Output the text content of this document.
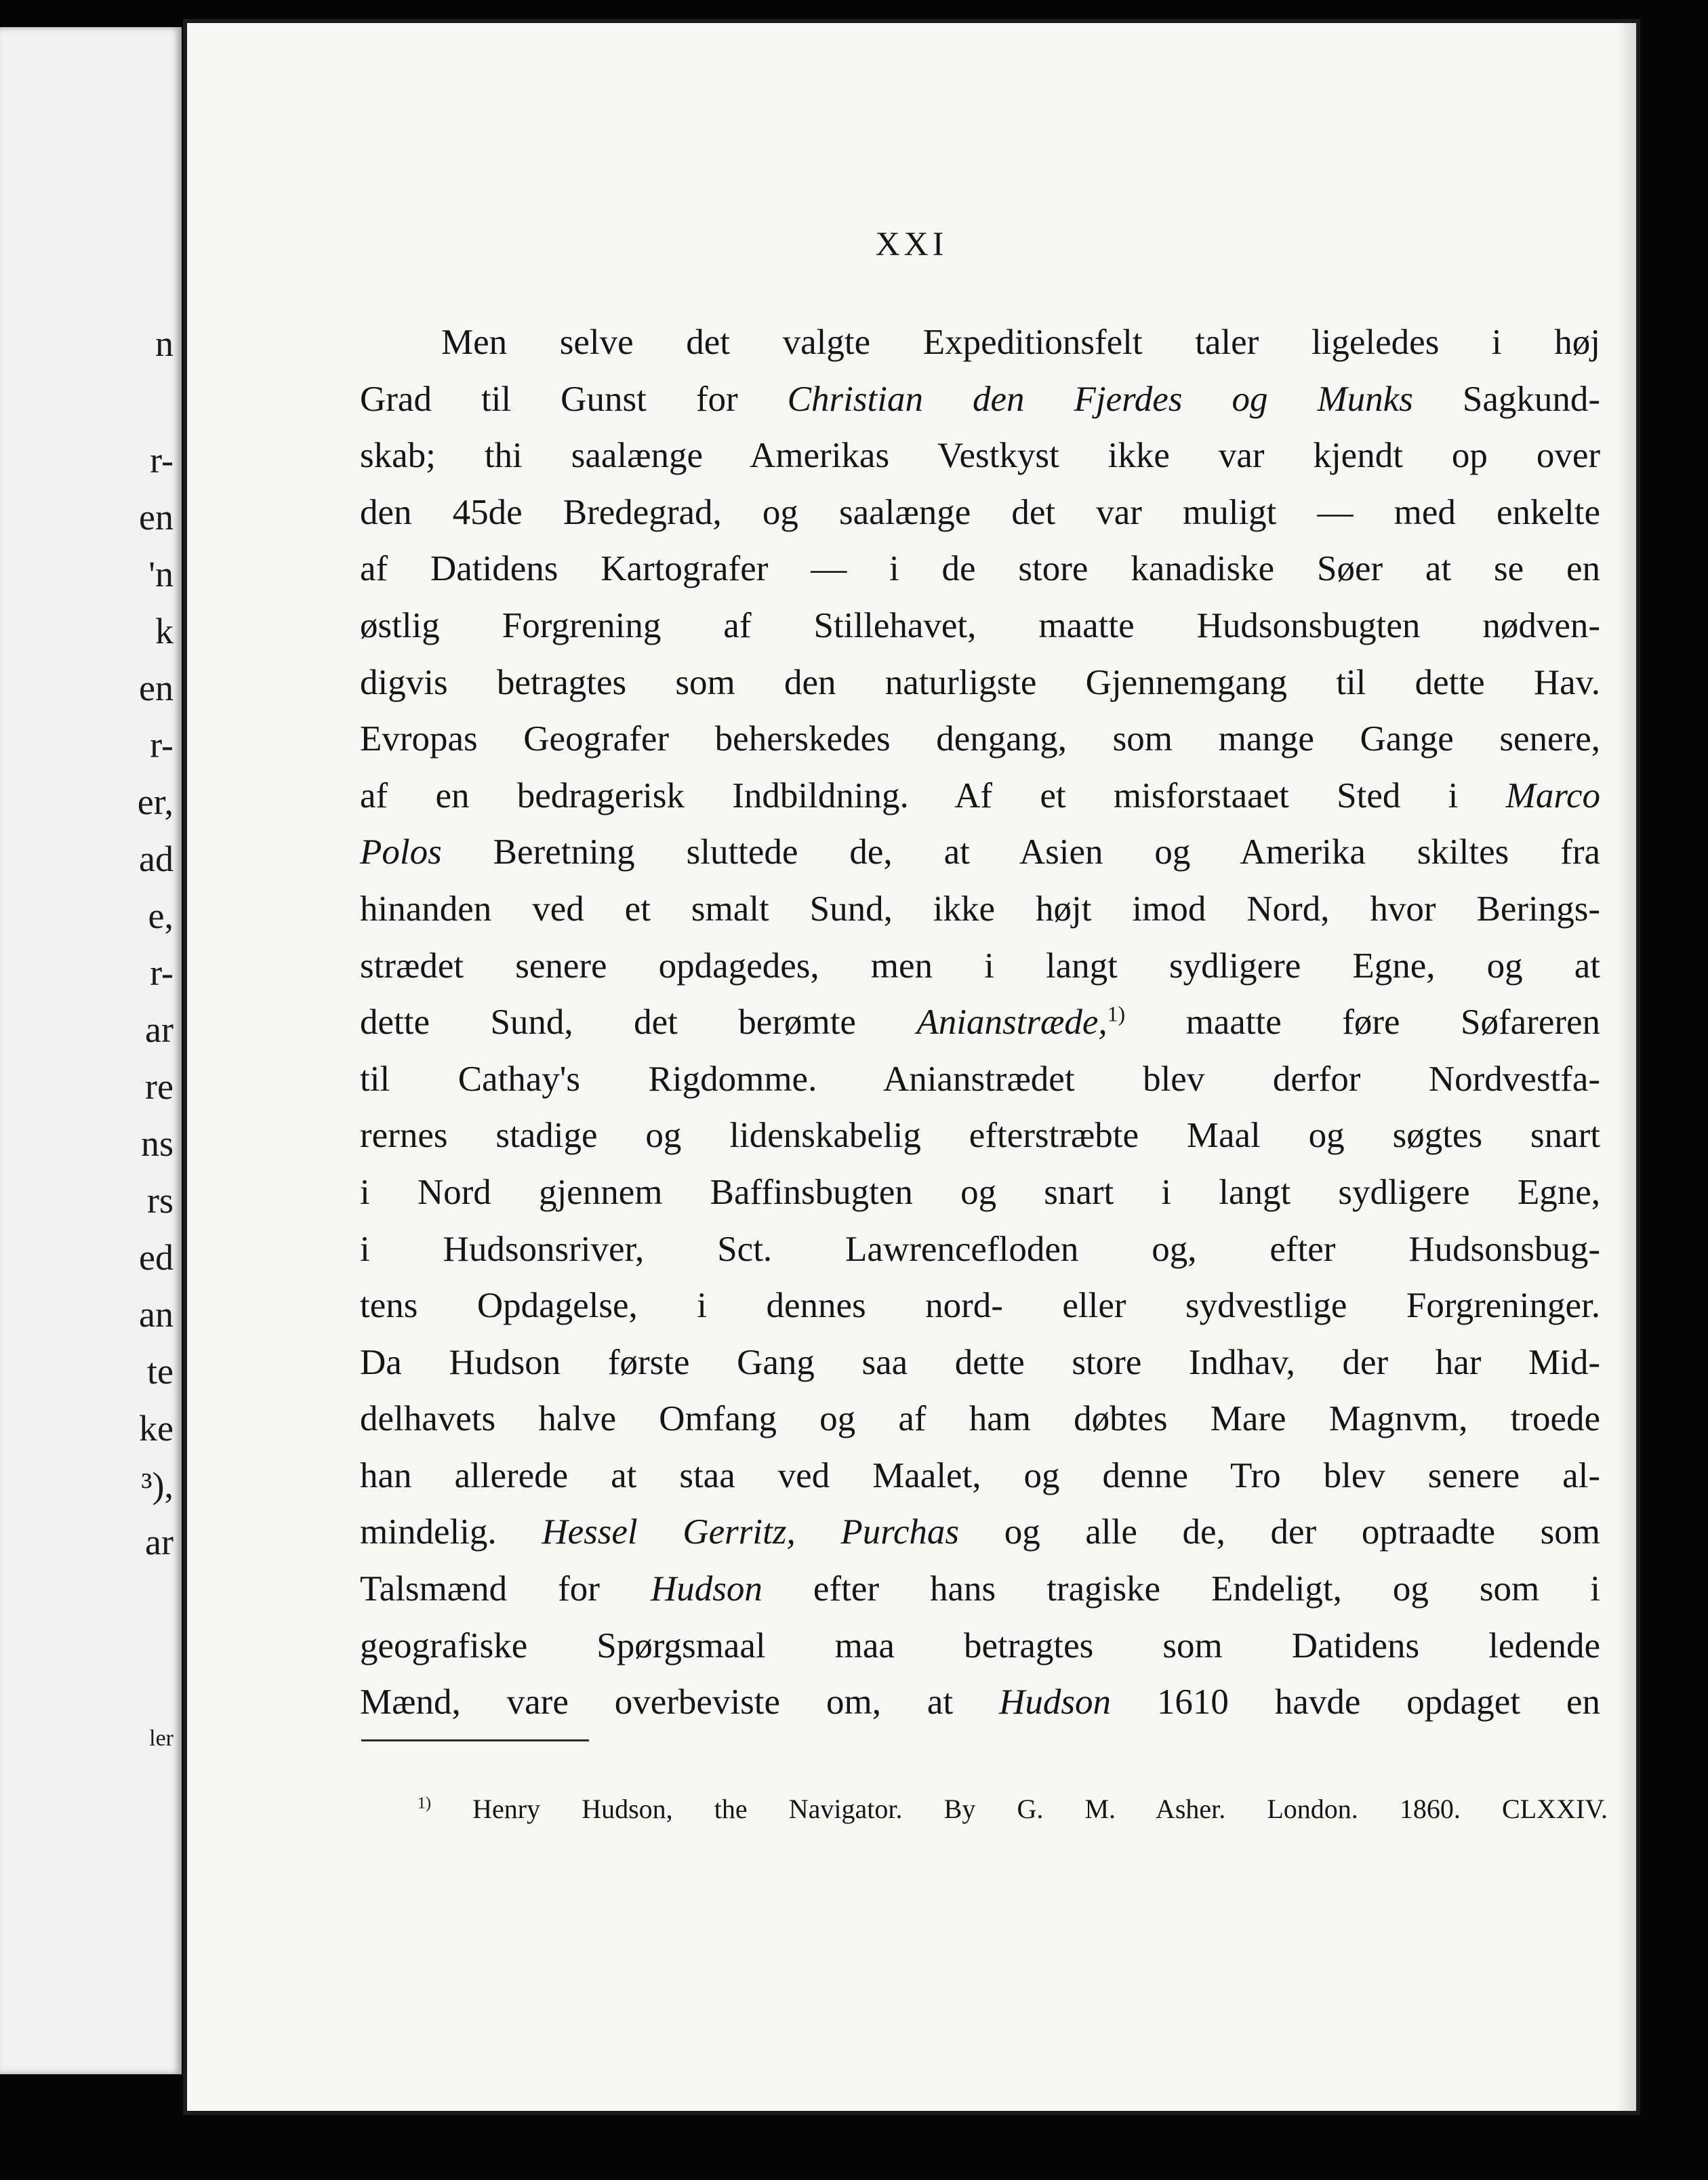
n
r-
en
'n
k
en
r-
er,
ad
e,
r-
ar
re
ns
rs
ed
an
te
ke
³),
ar
ler
XXI
Men selve det valgte Expeditionsfelt taler ligeledes i høj
Grad til Gunst for Christian den Fjerdes og Munks Sagkund-
skab; thi saalænge Amerikas Vestkyst ikke var kjendt op over
den 45de Bredegrad, og saalænge det var muligt — med enkelte
af Datidens Kartografer — i de store kanadiske Søer at se en
østlig Forgrening af Stillehavet, maatte Hudsonsbugten nødven-
digvis betragtes som den naturligste Gjennemgang til dette Hav.
Evropas Geografer beherskedes dengang, som mange Gange senere,
af en bedragerisk Indbildning. Af et misforstaaet Sted i Marco
Polos Beretning sluttede de, at Asien og Amerika skiltes fra
hinanden ved et smalt Sund, ikke højt imod Nord, hvor Berings-
strædet senere opdagedes, men i langt sydligere Egne, og at
dette Sund, det berømte Anianstræde,$^{1)}$ maatte føre Søfareren
til Cathay's Rigdomme. Anianstrædet blev derfor Nordvestfa-
rernes stadige og lidenskabelig efterstræbte Maal og søgtes snart
i Nord gjennem Baffinsbugten og snart i langt sydligere Egne,
i Hudsonsriver, Sct. Lawrencefloden og, efter Hudsonsbug-
tens Opdagelse, i dennes nord- eller sydvestlige Forgreninger.
Da Hudson første Gang saa dette store Indhav, der har Mid-
delhavets halve Omfang og af ham døbtes Mare Magnvm, troede
han allerede at staa ved Maalet, og denne Tro blev senere al-
mindelig. Hessel Gerritz, Purchas og alle de, der optraadte som
Talsmænd for Hudson efter hans tragiske Endeligt, og som i
geografiske Spørgsmaal maa betragtes som Datidens ledende
Mænd, vare overbeviste om, at Hudson 1610 havde opdaget en
$^{1)}$ Henry Hudson, the Navigator. By G. M. Asher. London. 1860. CLXXIV.
